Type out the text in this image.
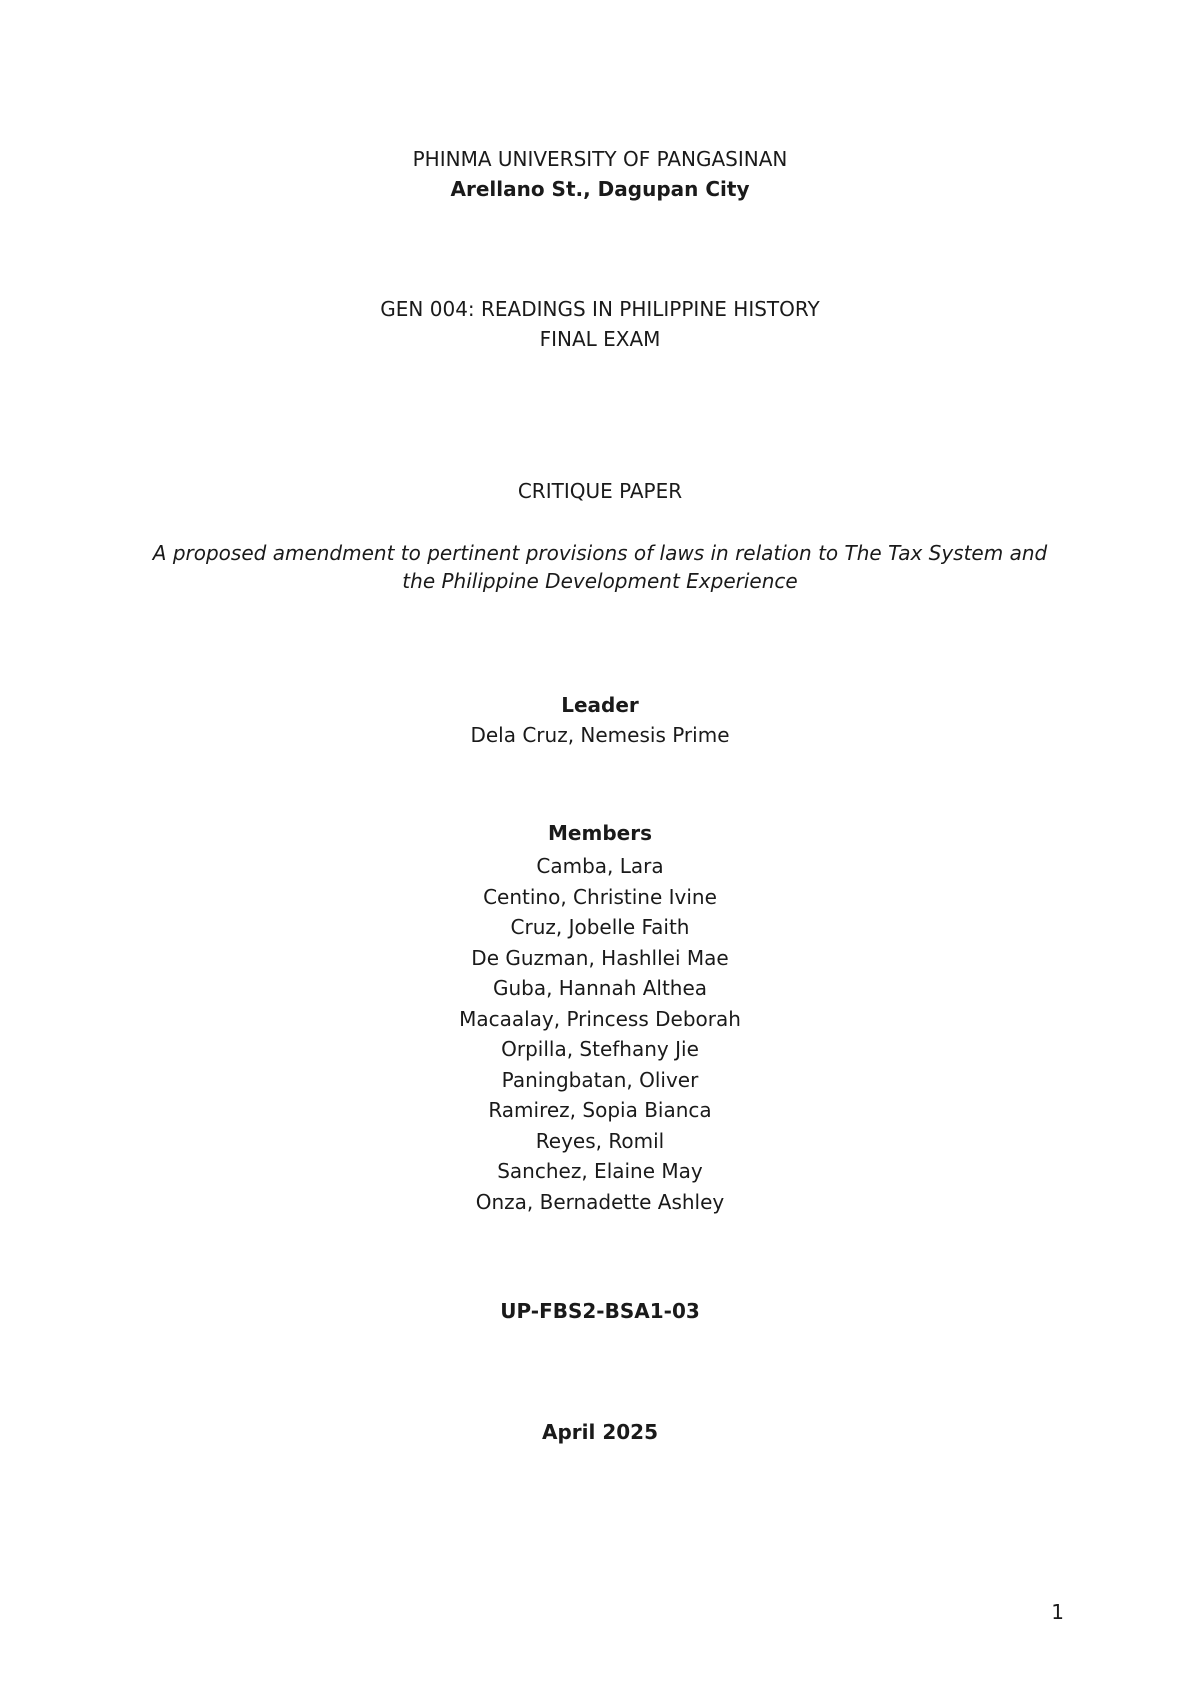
PHINMA UNIVERSITY OF PANGASINAN
Arellano St., Dagupan City
GEN 004: READINGS IN PHILIPPINE HISTORY
FINAL EXAM
CRITIQUE PAPER
A proposed amendment to pertinent provisions of laws in relation to The Tax System and
the Philippine Development Experience
Leader
Dela Cruz, Nemesis Prime
Members
Camba, Lara
Centino, Christine Ivine
Cruz, Jobelle Faith
De Guzman, Hashllei Mae
Guba, Hannah Althea
Macaalay, Princess Deborah
Orpilla, Stefhany Jie
Paningbatan, Oliver
Ramirez, Sopia Bianca
Reyes, Romil
Sanchez, Elaine May
Onza, Bernadette Ashley
UP-FBS2-BSA1-03
April 2025
1
